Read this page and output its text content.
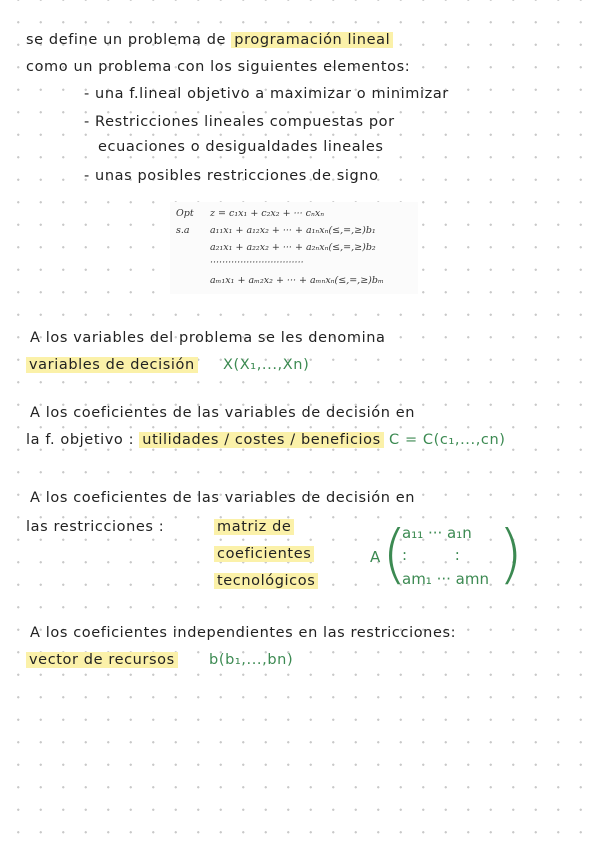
se define un problema de programación lineal
como un problema con los siguientes elementos:
- una f.lineal objetivo a maximizar o minimizar
- Restricciones lineales compuestas por
ecuaciones o desigualdades lineales
- unas posibles restricciones de signo
Opt z = c₁x₁ + c₂x₂ + ··· cₙxₙ
s.a a₁₁x₁ + a₁₂x₂ + ··· + a₁ₙxₙ(≤,=,≥)b₁
a₂₁x₁ + a₂₂x₂ + ··· + a₂ₙxₙ(≤,=,≥)b₂
·······························
aₘ₁x₁ + aₘ₂x₂ + ··· + aₘₙxₙ(≤,=,≥)bₘ
A los variables del problema se les denomina
variables de decisión X(X₁,...,Xn)
A los coeficientes de las variables de decisión en
la f. objetivo : utilidades / costes / beneficios C = C(c₁,...,cn)
A los coeficientes de las variables de decisión en
las restricciones :	matriz de
coeficientes
tecnológicos
A ( )
a₁₁ ··· a₁n
:          :
am₁ ··· amn
A los coeficientes independientes en las restricciones:
vector de recursos b(b₁,...,bn)
